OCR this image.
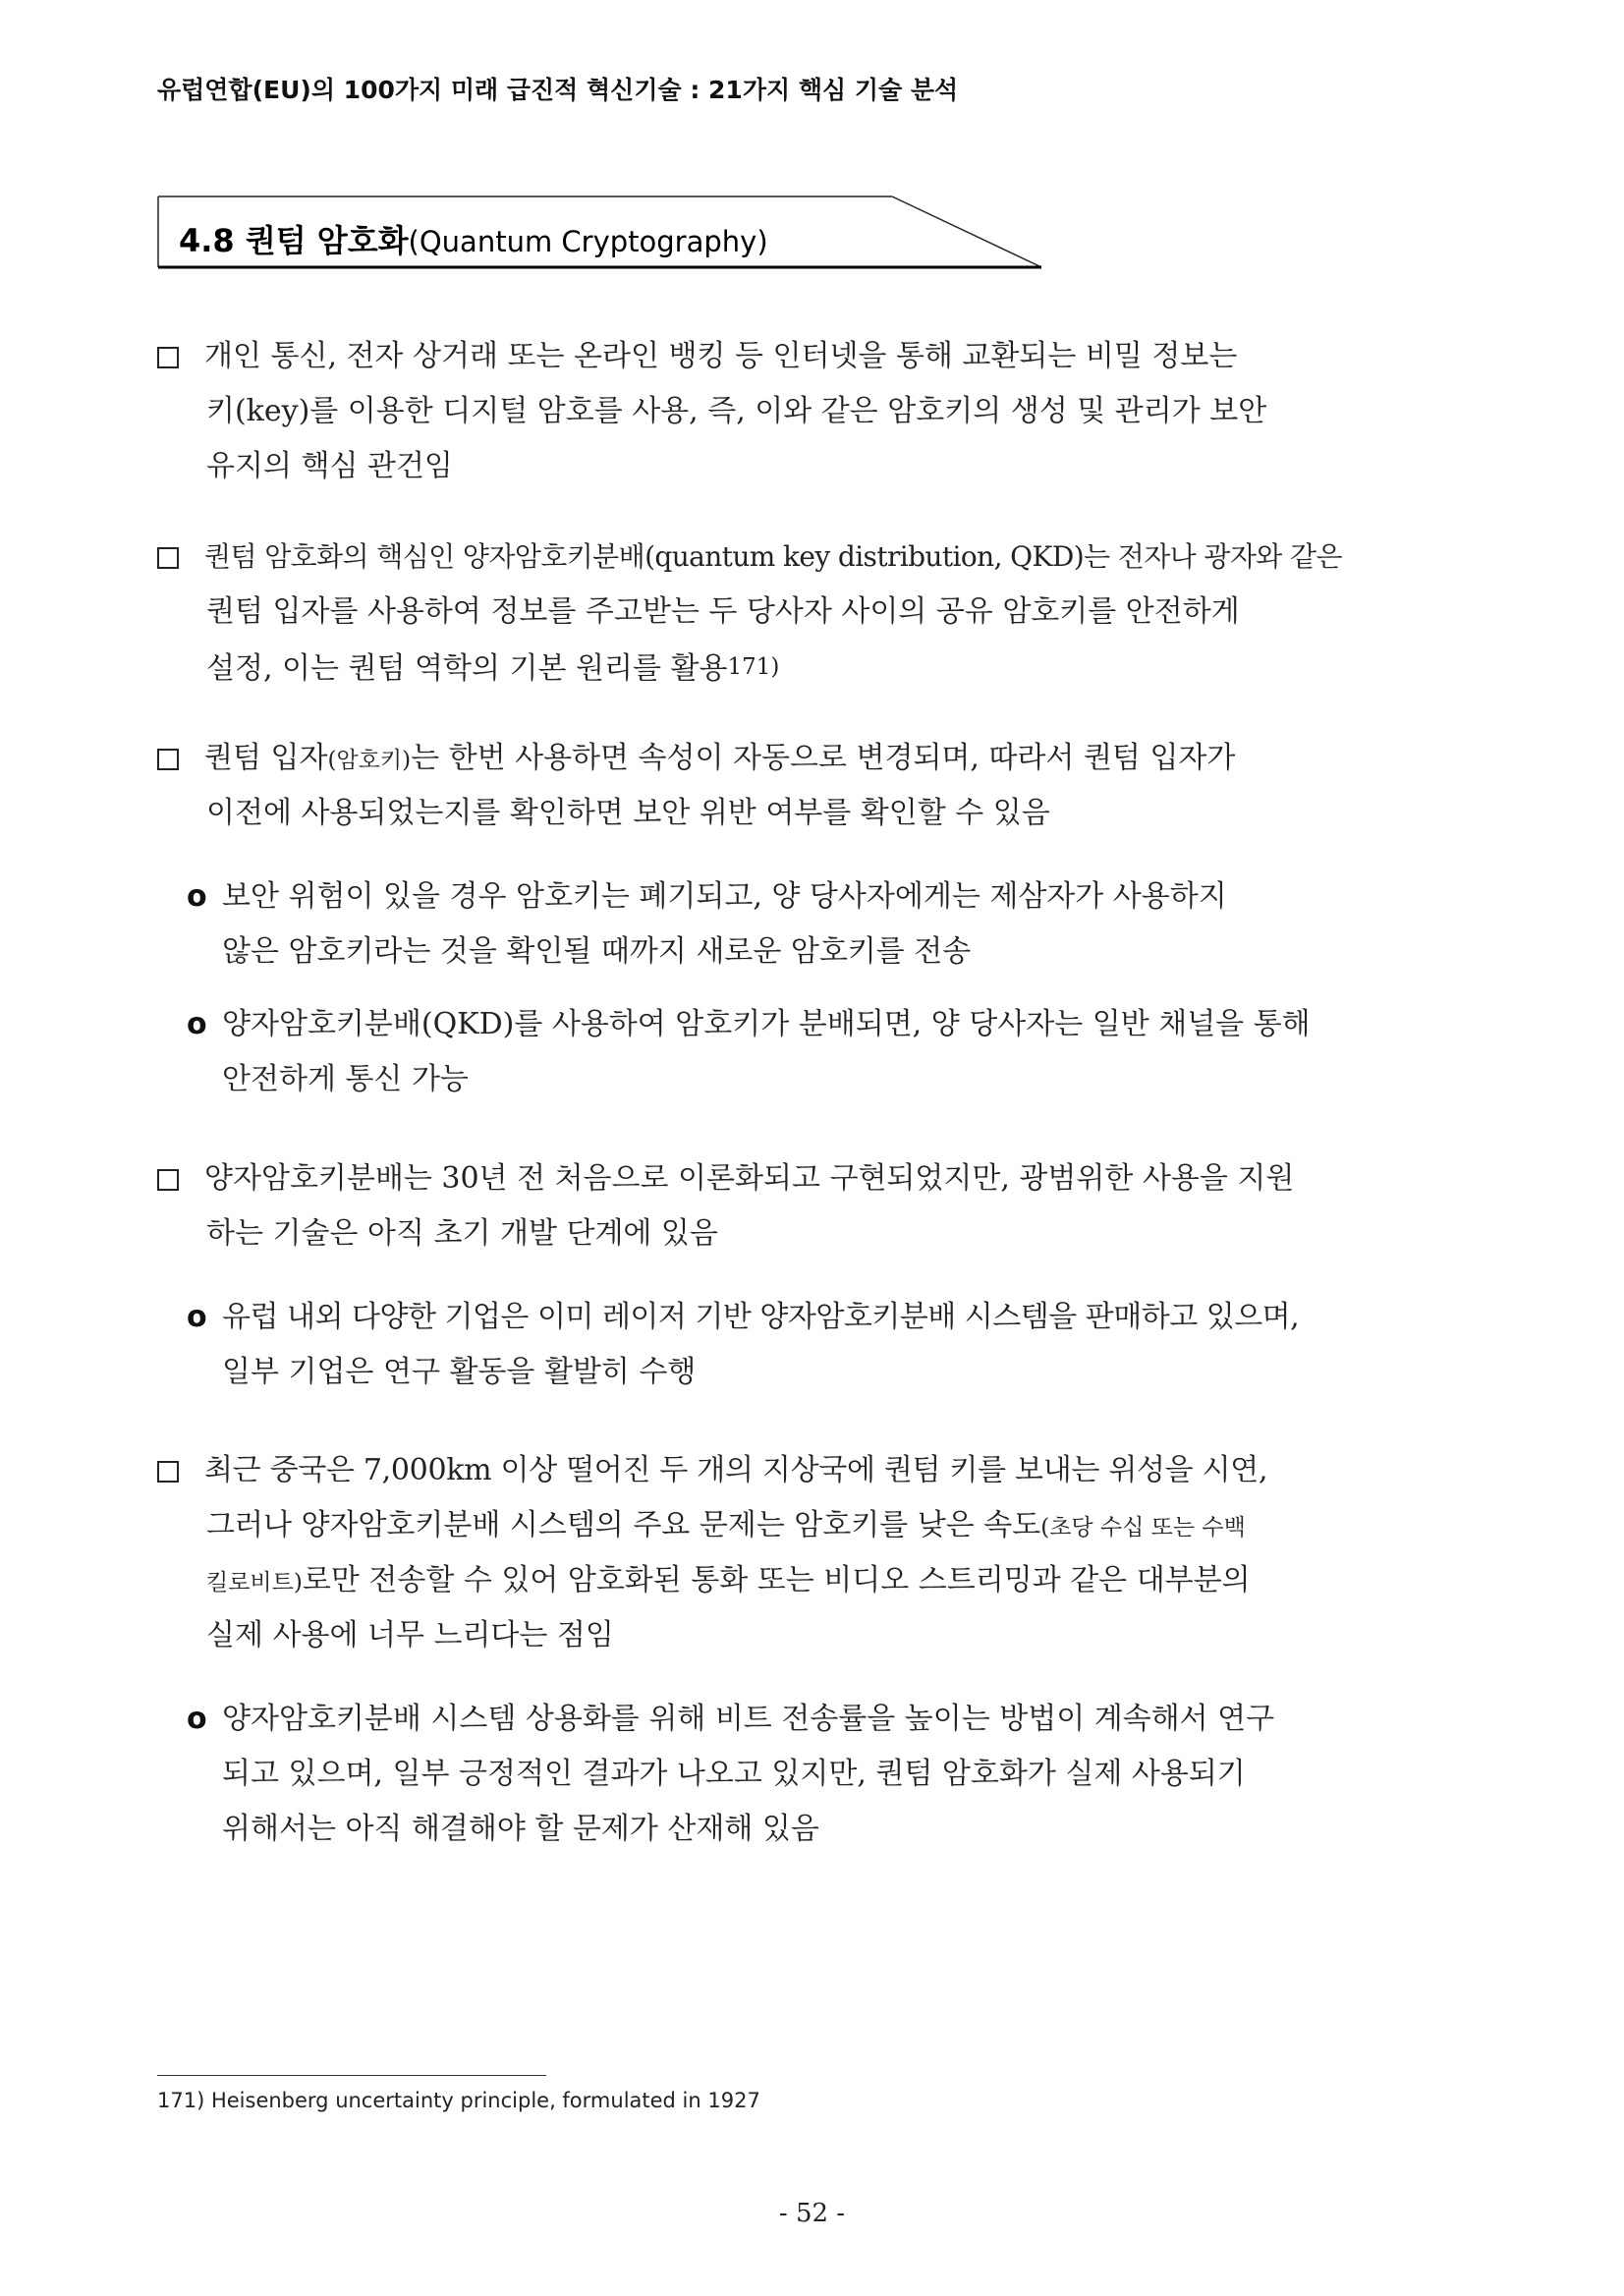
유럽연합(EU)의 100가지 미래 급진적 혁신기술 : 21가지 핵심 기술 분석
4.8 퀀텀 암호화(Quantum Cryptography)
개인 통신, 전자 상거래 또는 온라인 뱅킹 등 인터넷을 통해 교환되는 비밀 정보는
키(key)를 이용한 디지털 암호를 사용, 즉, 이와 같은 암호키의 생성 및 관리가 보안
유지의 핵심 관건임
퀀텀 암호화의 핵심인 양자암호키분배(quantum key distribution, QKD)는 전자나 광자와 같은
퀀텀 입자를 사용하여 정보를 주고받는 두 당사자 사이의 공유 암호키를 안전하게
설정, 이는 퀀텀 역학의 기본 원리를 활용171)
퀀텀 입자(암호키)는 한번 사용하면 속성이 자동으로 변경되며, 따라서 퀀텀 입자가
이전에 사용되었는지를 확인하면 보안 위반 여부를 확인할 수 있음
o 보안 위험이 있을 경우 암호키는 폐기되고, 양 당사자에게는 제삼자가 사용하지
않은 암호키라는 것을 확인될 때까지 새로운 암호키를 전송
o 양자암호키분배(QKD)를 사용하여 암호키가 분배되면, 양 당사자는 일반 채널을 통해
안전하게 통신 가능
양자암호키분배는 30년 전 처음으로 이론화되고 구현되었지만, 광범위한 사용을 지원
하는 기술은 아직 초기 개발 단계에 있음
o 유럽 내외 다양한 기업은 이미 레이저 기반 양자암호키분배 시스템을 판매하고 있으며,
일부 기업은 연구 활동을 활발히 수행
최근 중국은 7,000km 이상 떨어진 두 개의 지상국에 퀀텀 키를 보내는 위성을 시연,
그러나 양자암호키분배 시스템의 주요 문제는 암호키를 낮은 속도(초당 수십 또는 수백
킬로비트)로만 전송할 수 있어 암호화된 통화 또는 비디오 스트리밍과 같은 대부분의
실제 사용에 너무 느리다는 점임
o 양자암호키분배 시스템 상용화를 위해 비트 전송률을 높이는 방법이 계속해서 연구
되고 있으며, 일부 긍정적인 결과가 나오고 있지만, 퀀텀 암호화가 실제 사용되기
위해서는 아직 해결해야 할 문제가 산재해 있음
171) Heisenberg uncertainty principle, formulated in 1927
- 52 -
